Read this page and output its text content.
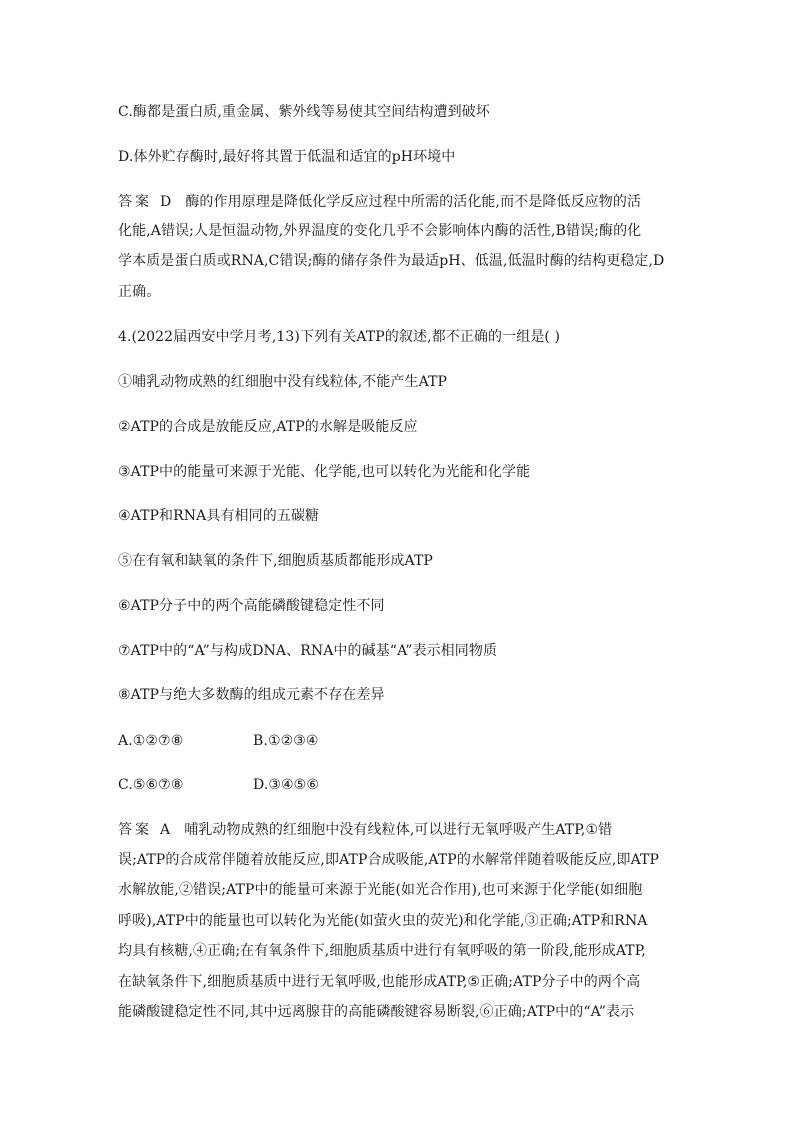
C.酶都是蛋白质,重金属、紫外线等易使其空间结构遭到破坏
D.体外贮存酶时,最好将其置于低温和适宜的pH环境中
答案 D 酶的作用原理是降低化学反应过程中所需的活化能,而不是降低反应物的活
化能,A错误;人是恒温动物,外界温度的变化几乎不会影响体内酶的活性,B错误;酶的化
学本质是蛋白质或RNA,C错误;酶的储存条件为最适pH、低温,低温时酶的结构更稳定,D
正确。
4.(2022届西安中学月考,13)下列有关ATP的叙述,都不正确的一组是( )
①哺乳动物成熟的红细胞中没有线粒体,不能产生ATP
②ATP的合成是放能反应,ATP的水解是吸能反应
③ATP中的能量可来源于光能、化学能,也可以转化为光能和化学能
④ATP和RNA具有相同的五碳糖
⑤在有氧和缺氧的条件下,细胞质基质都能形成ATP
⑥ATP分子中的两个高能磷酸键稳定性不同
⑦ATP中的“A”与构成DNA、RNA中的碱基“A”表示相同物质
⑧ATP与绝大多数酶的组成元素不存在差异
A.①②⑦⑧	B.①②③④
C.⑤⑥⑦⑧	D.③④⑤⑥
答案 A 哺乳动物成熟的红细胞中没有线粒体,可以进行无氧呼吸产生ATP,①错
误;ATP的合成常伴随着放能反应,即ATP合成吸能,ATP的水解常伴随着吸能反应,即ATP
水解放能,②错误;ATP中的能量可来源于光能(如光合作用),也可来源于化学能(如细胞
呼吸),ATP中的能量也可以转化为光能(如萤火虫的荧光)和化学能,③正确;ATP和RNA
均具有核糖,④正确;在有氧条件下,细胞质基质中进行有氧呼吸的第一阶段,能形成ATP,
在缺氧条件下,细胞质基质中进行无氧呼吸,也能形成ATP,⑤正确;ATP分子中的两个高
能磷酸键稳定性不同,其中远离腺苷的高能磷酸键容易断裂,⑥正确;ATP中的“A”表示
